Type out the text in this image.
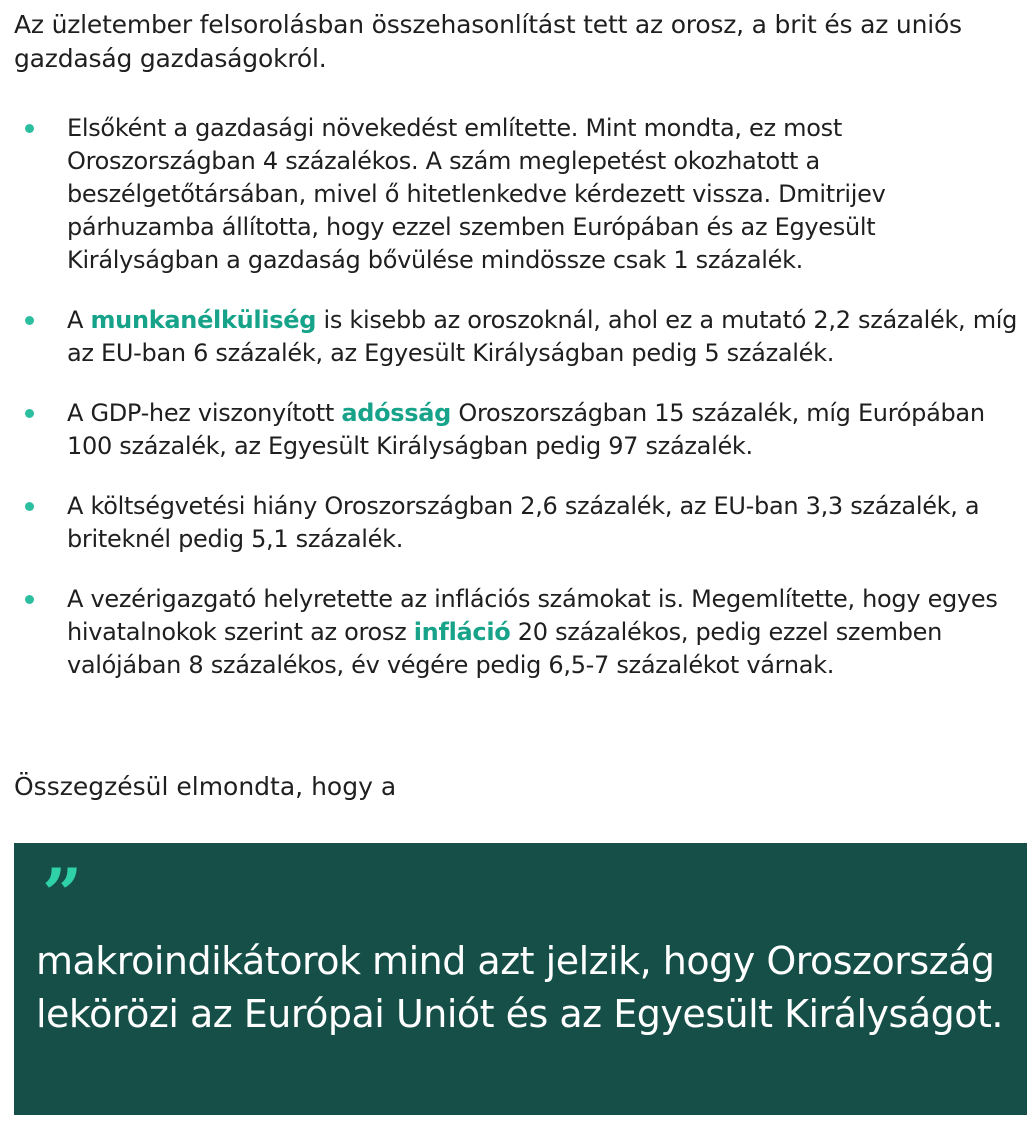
Az üzletember felsorolásban összehasonlítást tett az orosz, a brit és az uniós gazdaság gazdaságokról.

Elsőként a gazdasági növekedést említette. Mint mondta, ez most Oroszországban 4 százalékos. A szám meglepetést okozhatott a beszélgetőtársában, mivel ő hitetlenkedve kérdezett vissza. Dmitrijev párhuzamba állította, hogy ezzel szemben Európában és az Egyesült Királyságban a gazdaság bővülése mindössze csak 1 százalék.
A munkanélküliség is kisebb az oroszoknál, ahol ez a mutató 2,2 százalék, míg az EU-ban 6 százalék, az Egyesült Királyságban pedig 5 százalék.
A GDP-hez viszonyított adósság Oroszországban 15 százalék, míg Európában 100 százalék, az Egyesült Királyságban pedig 97 százalék.
A költségvetési hiány Oroszországban 2,6 százalék, az EU-ban 3,3 százalék, a briteknél pedig 5,1 százalék.
A vezérigazgató helyretette az inflációs számokat is. Megemlítette, hogy egyes hivatalnokok szerint az orosz infláció 20 százalékos, pedig ezzel szemben valójában 8 százalékos, év végére pedig 6,5-7 százalékot várnak.

Összegzésül elmondta, hogy a

”

makroindikátorok mind azt jelzik, hogy Oroszország lekörözi az Európai Uniót és az Egyesült Királyságot.
